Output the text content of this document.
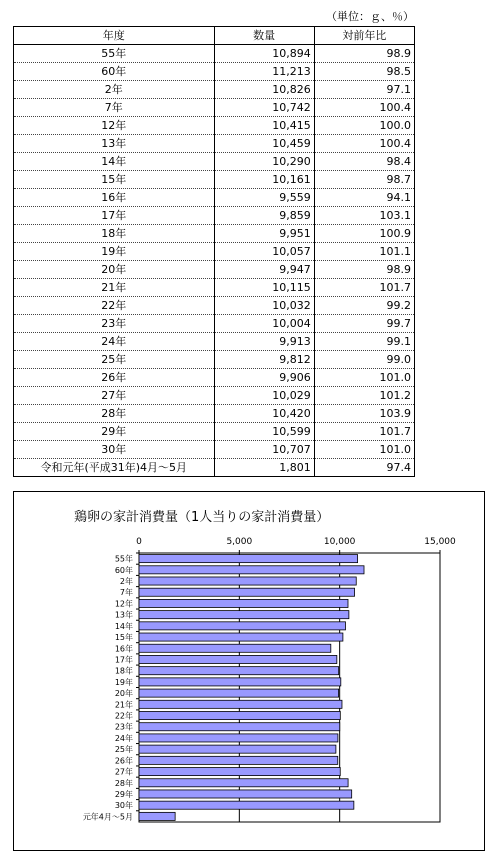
（単位：ｇ、％）
年度	数量	対前年比
55年	10,894	98.9
60年	11,213	98.5
2年	10,826	97.1
7年	10,742	100.4
12年	10,415	100.0
13年	10,459	100.4
14年	10,290	98.4
15年	10,161	98.7
16年	9,559	94.1
17年	9,859	103.1
18年	9,951	100.9
19年	10,057	101.1
20年	9,947	98.9
21年	10,115	101.7
22年	10,032	99.2
23年	10,004	99.7
24年	9,913	99.1
25年	9,812	99.0
26年	9,906	101.0
27年	10,029	101.2
28年	10,420	103.9
29年	10,599	101.7
30年	10,707	101.0
令和元年(平成31年)4月～5月	1,801	97.4
鶏卵の家計消費量（1人当りの家計消費量）
0	5,000	10,000	15,000
55年
60年
2年
7年
12年
13年
14年
15年
16年
17年
18年
19年
20年
21年
22年
23年
24年
25年
26年
27年
28年
29年
30年
元年4月～5月
